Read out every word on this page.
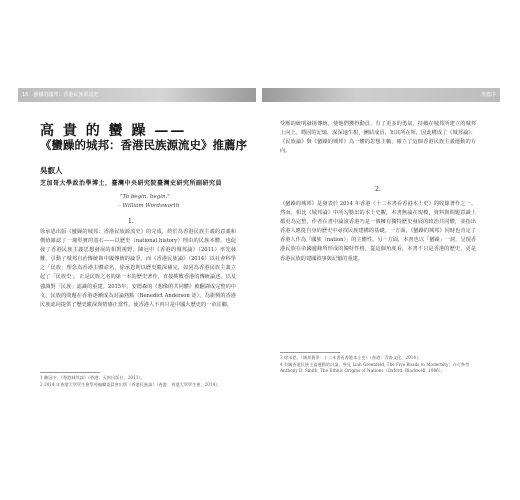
16　蠻橫的國邦：香港民族源流史	推薦序
高 貴 的 蠻 躁 ——
《蠻躁的城邦：香港民族源流史》推薦序
吳叡人
芝加哥大學政治學博士，臺灣中央研究院臺灣史研究所副研究員
"To begin, begin."
– William Wordsworth
1.
徐承恩出版《蠻躁的城邦：香港民族源流史》的完成，終於為香港民族主義的意義和價值確認了一塊堅實的基石——以歷史（national history）理由的民族本體，也促發了香港民族主義思想發展的相對視野，陳冠中《香港的城邦論》（2011）率先發難，引動了城邦自治傳統與中國傳統的論爭，而《香港民族論》（2014）以社會科學之「民族」理念為香港主體命名，徐承恩則以歷史縱深補完，如同為香港民族主義立起了「民族史」，正是民族之名的第一本的歷史著作。直接挑戰香港的傳統論述，以及強調對「民族」認識的重建。2015年，安德森的《想像的共同體》被翻譯成完整的中文，民族的問題在香港逐漸成為討論熱點（Benedict Anderson 語）。為新興的香港民族認同提供了歷史縱深與情感正當性。使香港人不再只是中國大歷史的一章註腳。
受壓的統明發揚傳統，使他們獲得動員，有了更多的勇氣，持續在城邦所建立的城邦上向上。穩固的記憶，深深地生根，團結成員，知其所在所，因此構成了《城邦論》、《民族論》與《蠻躁的城邦》為一體的思想主軸，確立了這個香港民族主義運動的方向。
2.
《蠻躁的城邦》是發表於 2014 年香港《十二本書看香港本土史》的收錄著作之一。然而，相比《城邦論》中所勾勒出的本土史觀，本書無論在規模、資料與問題意識上都更為完整。作者在書中論證香港乃是一個擁有獨特歷史發展的政治共同體，並指出香港人應從自身的歷史中尋找民族建構的基礎。一方面，《蠻躁的城邦》同時也肯定了香港人作為「國族（nation）」的主體性。另一方面，本書也以「蠻躁」一詞，呈現香港民族在帝國邊緣所形成的獨特性格。從這個角度看，本書不只是香港的歷史，更是香港民族的建國敘事與記憶的重建。
1 陳冠中，《香港城邦論》（香港：天窗出版社，2011）。
2 2014 年香港大學學生會學苑編輯委員會出版《香港民族論》（香港：香港大學學生會，2014）。
3 徐承恩，《城邦舊夢：十二本書看香港本土史》（香港：青森文化，2014）。
4 有關香港民族主義運動的討論，參見 Liah Greenfeld, The Five Roads to Modernity；亦可參考 Anthony D. Smith, The Ethnic Origins of Nations（Oxford: Blackwell, 1986）。
